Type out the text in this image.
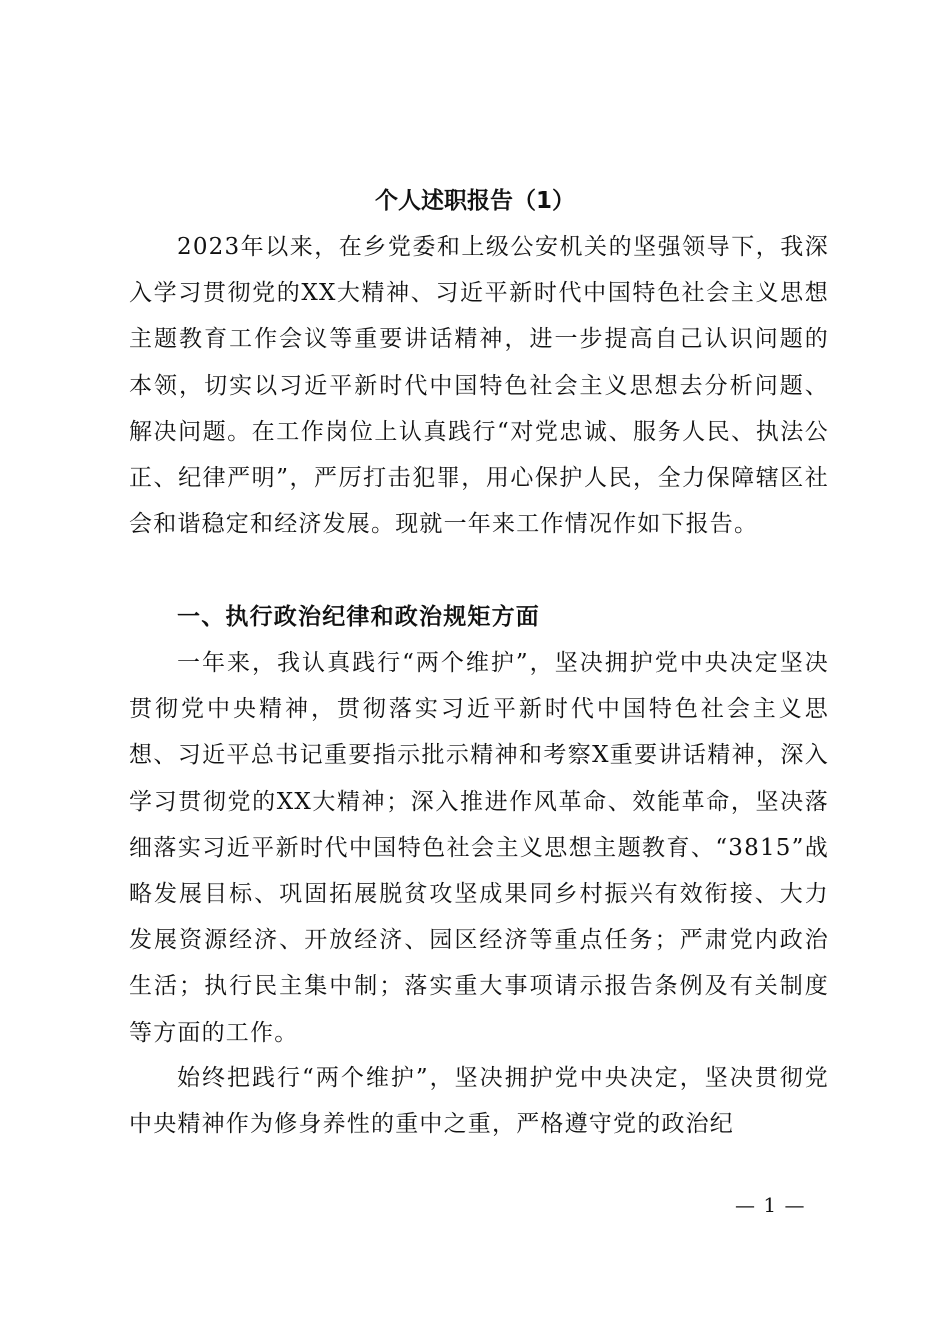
个人述职报告（1）
2023年以来，在乡党委和上级公安机关的坚强领导下，我深入学习贯彻党的XX大精神、习近平新时代中国特色社会主义思想主题教育工作会议等重要讲话精神，进一步提高自己认识问题的本领，切实以习近平新时代中国特色社会主义思想去分析问题、解决问题。在工作岗位上认真践行“对党忠诚、服务人民、执法公正、纪律严明”，严厉打击犯罪，用心保护人民，全力保障辖区社会和谐稳定和经济发展。现就一年来工作情况作如下报告。
一、执行政治纪律和政治规矩方面
一年来，我认真践行“两个维护”，坚决拥护党中央决定坚决贯彻党中央精神，贯彻落实习近平新时代中国特色社会主义思想、习近平总书记重要指示批示精神和考察X重要讲话精神，深入学习贯彻党的XX大精神；深入推进作风革命、效能革命，坚决落细落实习近平新时代中国特色社会主义思想主题教育、“3815”战略发展目标、巩固拓展脱贫攻坚成果同乡村振兴有效衔接、大力发展资源经济、开放经济、园区经济等重点任务；严肃党内政治生活；执行民主集中制；落实重大事项请示报告条例及有关制度等方面的工作。
始终把践行“两个维护”，坚决拥护党中央决定，坚决贯彻党中央精神作为修身养性的重中之重，严格遵守党的政治纪
— 1 —
